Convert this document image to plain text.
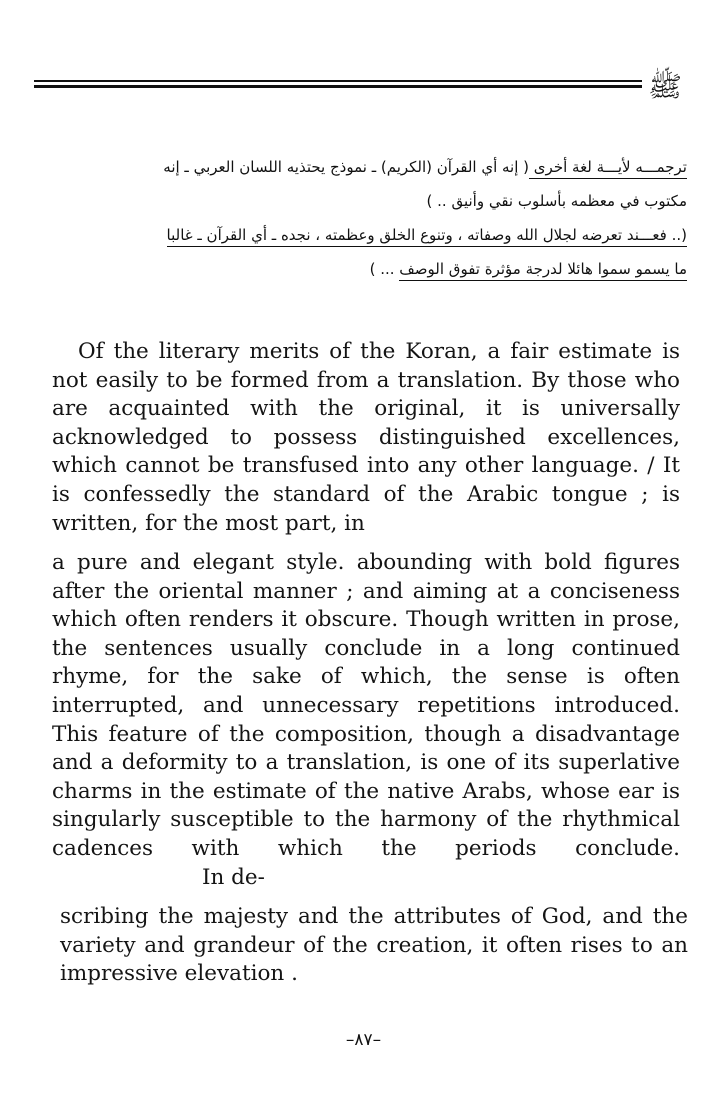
ﷺ
ترجمـــه لأيـــة لغة أخرى ( إنه أي القرآن (الكريم) ـ نموذج يحتذيه اللسان العربي ـ إنه
مكتوب في معظمه بأسلوب نقي وأنيق .. )
(.. فعـــند تعرضه لجلال الله وصفاته ، وتنوع الخلق وعظمته ، نجده ـ أي القرآن ـ غالبا
ما يسمو سموا هائلا لدرجة مؤثرة تفوق الوصف ... )

Of the literary merits of the Koran, a fair estimate is not easily to be formed from a translation. By those who are acquainted with the original, it is universally acknowledged to possess distinguished excellences, which cannot be transfused into any other language. / It is confessedly the standard of the Arabic tongue ; is written, for the most part, in

a pure and elegant style. abounding with bold figures after the oriental manner ; and aiming at a conciseness which often renders it obscure. Though written in prose, the sentences usually conclude in a long continued rhyme, for the sake of which, the sense is often interrupted, and unnecessary repetitions introduced. This feature of the composition, though a disadvantage and a deformity to a translation, is one of its superlative charms in the estimate of the native Arabs, whose ear is singularly susceptible to the harmony of the rhythmical cadences with which the periods conclude. In de-

scribing the majesty and the attributes of God, and the variety and grandeur of the creation, it often rises to an impressive elevation .

–٨٧–
